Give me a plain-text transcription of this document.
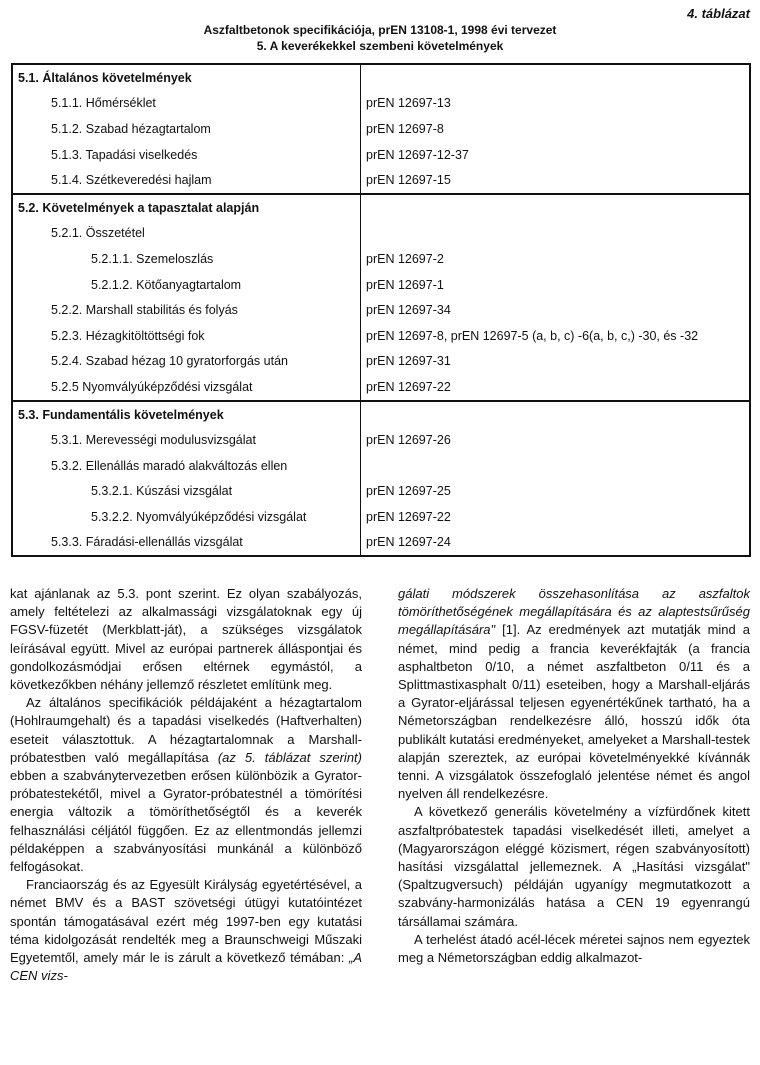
4. táblázat
Aszfaltbetonok specifikációja, prEN 13108-1, 1998 évi tervezet
5. A keverékekkel szembeni követelmények
5.1. Általános követelmények	
5.1.1. Hőmérséklet	prEN 12697-13
5.1.2. Szabad hézagtartalom	prEN 12697-8
5.1.3. Tapadási viselkedés	prEN 12697-12-37
5.1.4. Szétkeveredési hajlam	prEN 12697-15
5.2. Követelmények a tapasztalat alapján	
5.2.1. Összetétel	
5.2.1.1. Szemeloszlás	prEN 12697-2
5.2.1.2. Kötőanyagtartalom	prEN 12697-1
5.2.2. Marshall stabilitás és folyás	prEN 12697-34
5.2.3. Hézagkitöltöttségi fok	prEN 12697-8, prEN 12697-5 (a, b, c) -6(a, b, c,) -30, és -32
5.2.4. Szabad hézag 10 gyratorforgás után	prEN 12697-31
5.2.5 Nyomvályúképződési vizsgálat	prEN 12697-22
5.3. Fundamentális követelmények	
5.3.1. Merevességi modulusvizsgálat	prEN 12697-26
5.3.2. Ellenállás maradó alakváltozás ellen	
5.3.2.1. Kúszási vizsgálat	prEN 12697-25
5.3.2.2. Nyomvályúképződési vizsgálat	prEN 12697-22
5.3.3. Fáradási-ellenállás vizsgálat	prEN 12697-24

kat ajánlanak az 5.3. pont szerint. Ez olyan szabályozás, amely feltételezi az alkalmassági vizsgálatoknak egy új FGSV-füzetét (Merkblatt-ját), a szükséges vizsgálatok leírásával együtt. Mivel az európai partnerek álláspontjai és gondolkozásmódjai erősen eltérnek egymástól, a következőkben néhány jellemző részletet említünk meg.

Az általános specifikációk példájaként a hézagtartalom (Hohlraumgehalt) és a tapadási viselkedés (Haftverhalten) eseteit választottuk. A hézagtartalomnak a Marshall-próbatestben való megállapítása (az 5. táblázat szerint) ebben a szabványtervezetben erősen különbözik a Gyrator-próbatestekétől, mivel a Gyrator-próbatestnél a tömörítési energia változik a tömöríthetőségtől és a keverék felhasználási céljától függően. Ez az ellentmondás jellemzi példaképpen a szabványosítási munkánál a különböző felfogásokat.

Franciaország és az Egyesült Királyság egyetértésével, a német BMV és a BAST szövetségi útügyi kutatóintézet spontán támogatásával ezért még 1997-ben egy kutatási téma kidolgozását rendelték meg a Braunschweigi Műszaki Egyetemtől, amely már le is zárult a következő témában: „A CEN vizs-

gálati módszerek összehasonlítása az aszfaltok tömöríthetőségének megállapítására és az alaptestsűrűség megállapítására" [1]. Az eredmények azt mutatják mind a német, mind pedig a francia keverékfajták (a francia asphaltbeton 0/10, a német aszfaltbeton 0/11 és a Splittmastixasphalt 0/11) eseteiben, hogy a Marshall-eljárás a Gyrator-eljárással teljesen egyenértékűnek tartható, ha a Németországban rendelkezésre álló, hosszú idők óta publikált kutatási eredményeket, amelyeket a Marshall-testek alapján szereztek, az európai követelményekké kívánnák tenni. A vizsgálatok összefoglaló jelentése német és angol nyelven áll rendelkezésre.

A következő generális követelmény a vízfürdőnek kitett aszfaltpróbatestek tapadási viselkedését illeti, amelyet a (Magyarországon eléggé közismert, régen szabványosított) hasítási vizsgálattal jellemeznek. A „Hasítási vizsgálat" (Spaltzugversuch) példáján ugyanígy megmutatkozott a szabvány-harmonizálás hatása a CEN 19 egyenrangú társállamai számára.

A terhelést átadó acél-lécek méretei sajnos nem egyeztek meg a Németországban eddig alkalmazot-
